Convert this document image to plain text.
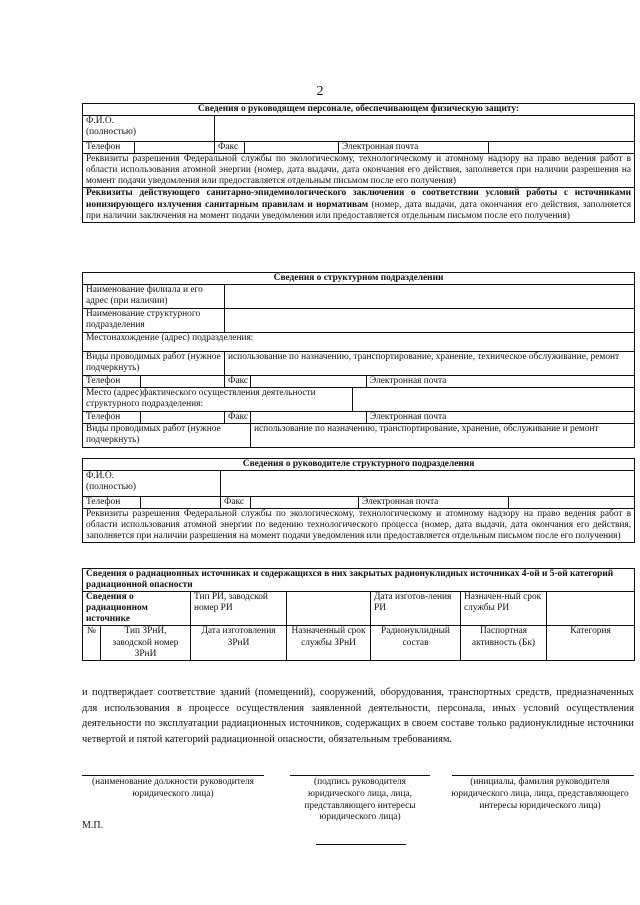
2
Сведения о руководящем персонале, обеспечивающем физическую защиту:					

Ф.И.О.
(полностью)					

Телефон		Факс		Электронная почта	
Реквизиты разрешения Федеральной службы по экологическому, технологическому и атомному надзору на право ведения работ в области использования атомной энергии (номер, дата выдачи, дата окончания его действия, заполняется при наличии разрешения на момент подачи уведомления или предоставляется отдельным письмом после его получения)					
Реквизиты действующего санитарно-эпидемиологического заключения о соответствии условий работы с источниками ионизирующего излучения санитарным правилам и нормативам (номер, дата выдачи, дата окончания его действия, заполняется при наличии заключения на момент подачи уведомления или предоставляется отдельным письмом после его получения)					
Сведения о структурном подразделении					
Наименование филиала и его адрес (при наличии)					
Наименование структурного подразделения					
Местонахождение (адрес) подразделения:					
Виды проводимых работ (нужное подчеркнуть)		использование по назначению, транспортирование, хранение, техническое обслуживание, ремонт			
Телефон		Факс			Электронная почта
Место (адрес)фактического осуществления деятельности структурного подразделения:					
Телефон		Факс			Электронная почта
Виды проводимых работ (нужное подчеркнуть)			использование по назначению, транспортирование, хранение, обслуживание и ремонт		
Сведения о руководителе структурного подразделения					

Ф.И.О.
(полностью)					

Телефон		Факс		Электронная почта	
Реквизиты разрешения Федеральной службы по экологическому, технологическому и атомному надзору на право ведения работ в области использования атомной энергии по ведению технологического процесса (номер, дата выдачи, дата окончания его действия, заполняется при наличии разрешения на момент подачи уведомления или предоставляется отдельным письмом после его получения)					
Сведения о радиационных источниках и содержащихся в них закрытых радионуклидных источниках 4-ой и 5-ой категорий радиационной опасности						
Сведения о радиационном источнике		Тип РИ, заводской номер РИ		Дата изготов-ления РИ	Назначен-ный срок службы РИ	
№	Тип ЗРнИ, заводской номер ЗРнИ	Дата изготовления ЗРнИ	Назначенный срок службы ЗРнИ	Радионуклидный состав	Паспортная активность (Бк)	Категория
и подтверждает соответствие зданий (помещений), сооружений, оборудования, транспортных средств, предназначенных для использования в процессе осуществления заявленной деятельности, персонала, иных условий осуществления деятельности по эксплуатации радиационных источников, содержащих в своем составе только радионуклидные источники четвертой и пятой категорий радиационной опасности, обязательным требованиям.
(наименование должности руководителя юридического лица)
(подпись руководителя юридического лица, лица, представляющего интересы юридического лица)
(инициалы, фамилия руководителя юридического лица, лица, представляющего интересы юридического лица)
М.П.
